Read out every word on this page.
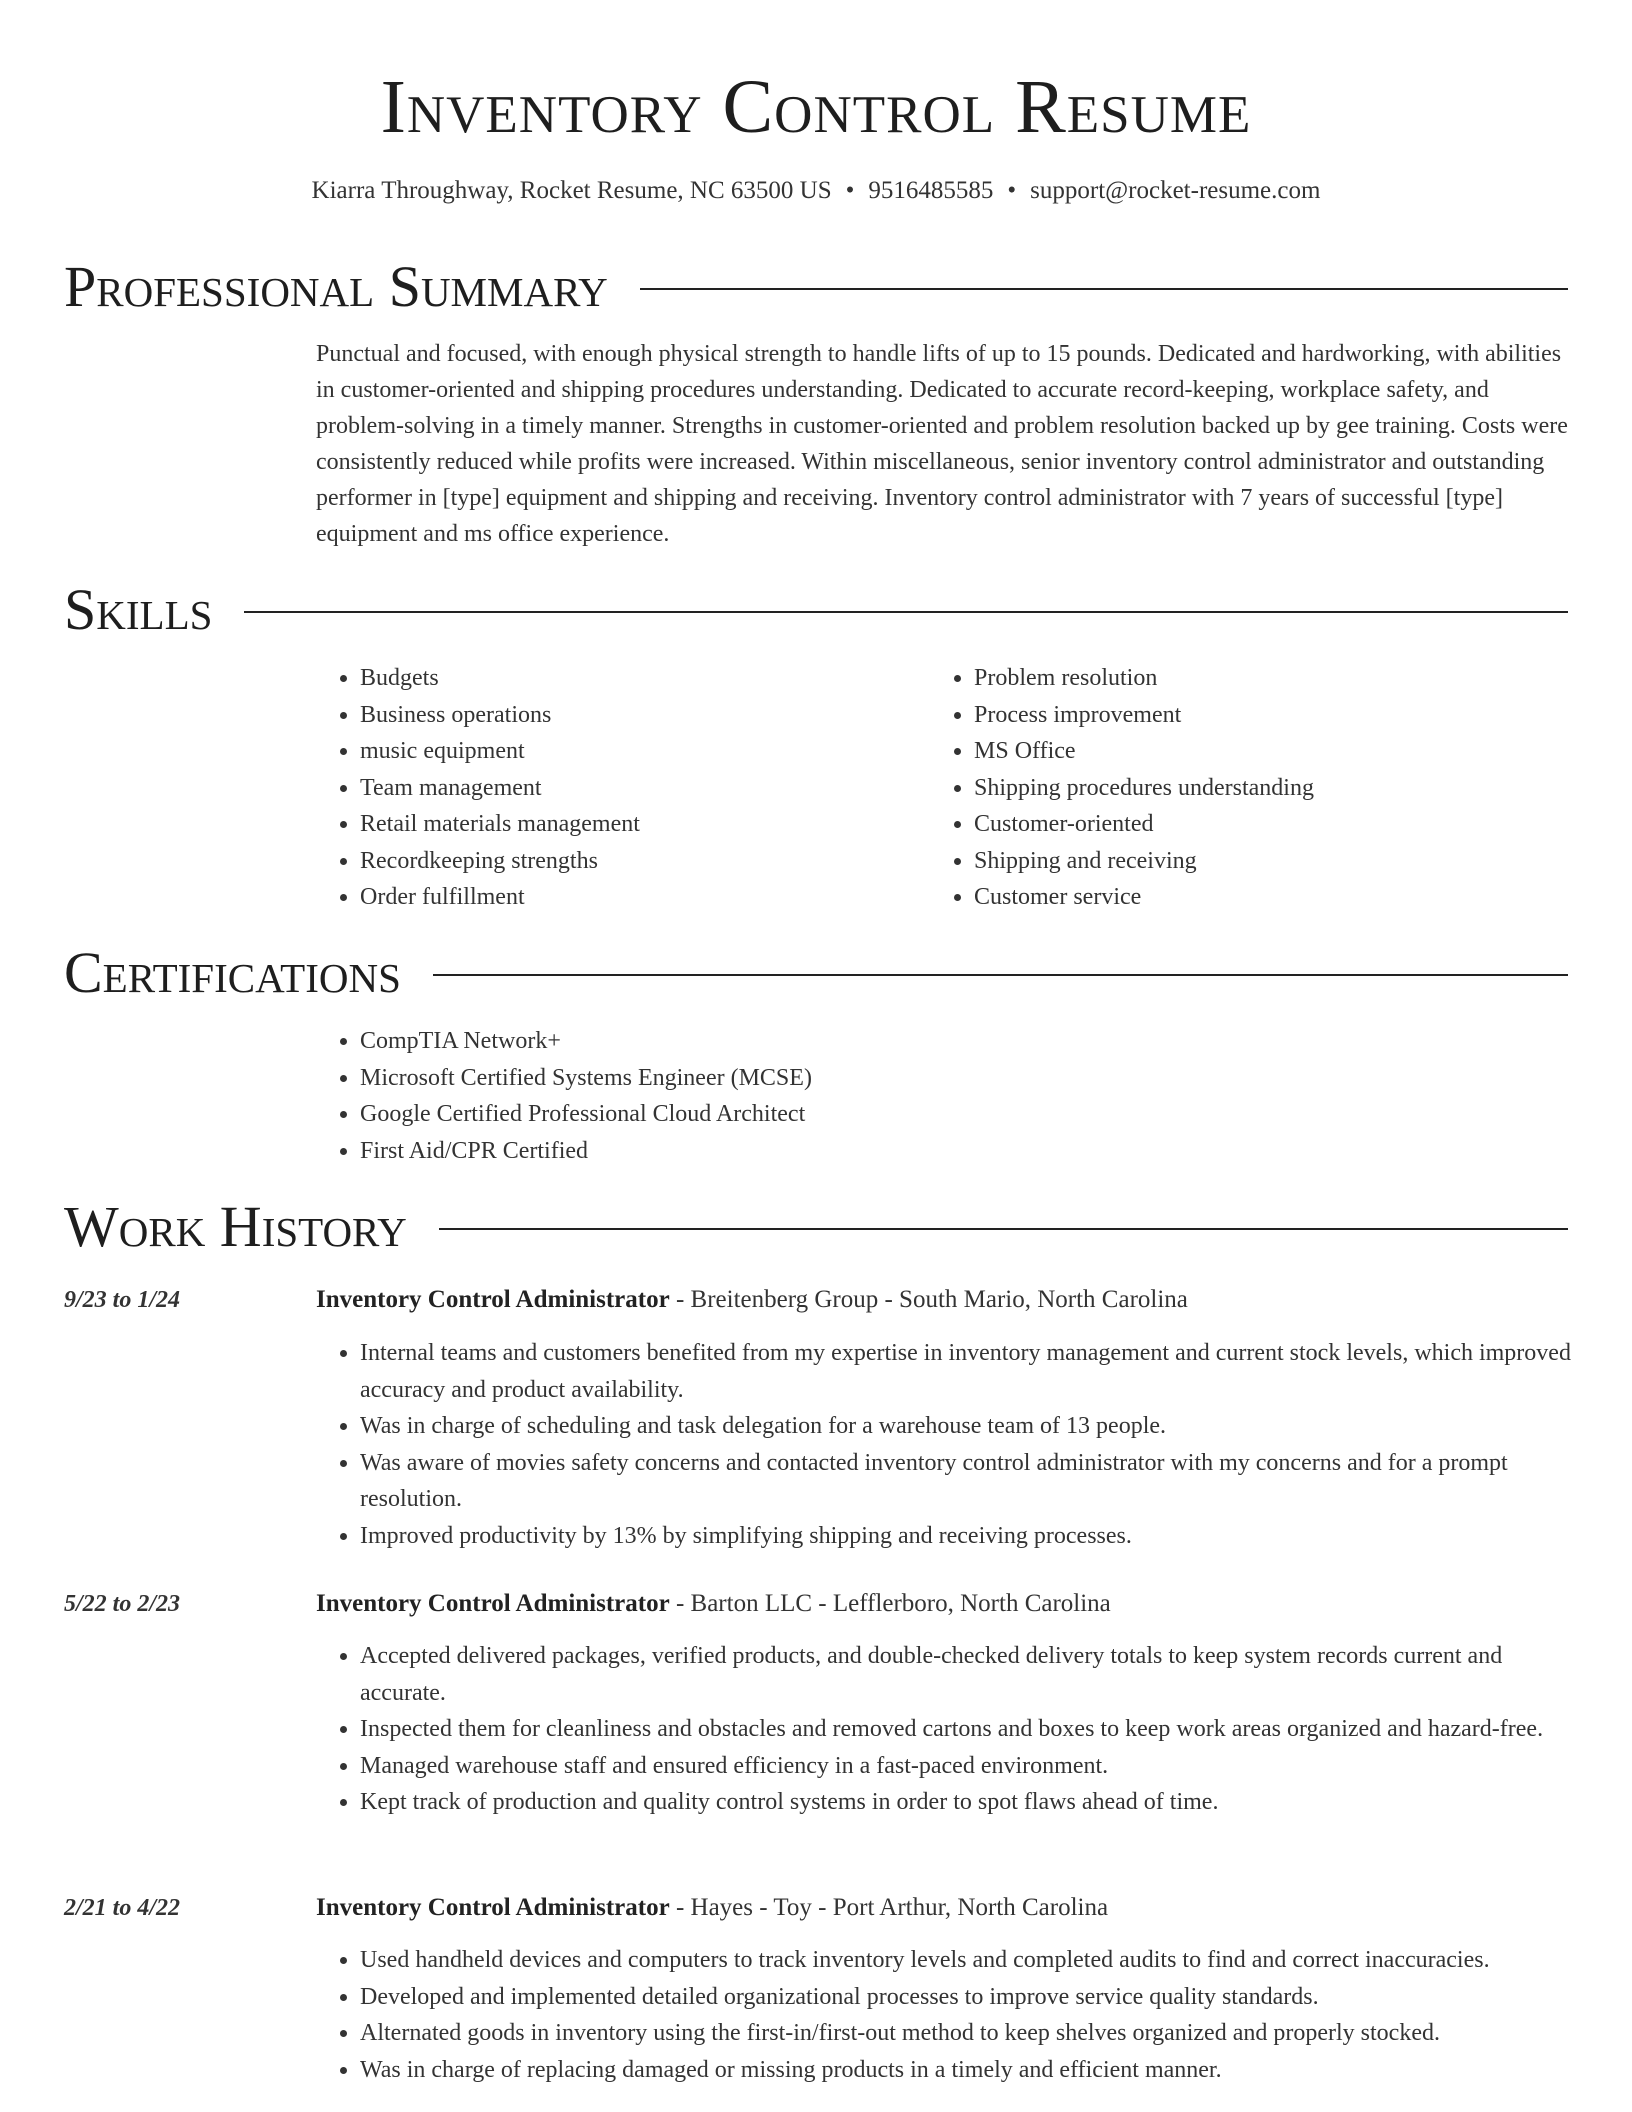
Inventory Control Resume
Kiarra Throughway, Rocket Resume, NC 63500 US • 9516485585 • support@rocket-resume.com
Professional Summary

Punctual and focused, with enough physical strength to handle lifts of up to 15 pounds. Dedicated and hardworking, with abilities in customer-oriented and shipping procedures understanding. Dedicated to accurate record-keeping, workplace safety, and problem-solving in a timely manner. Strengths in customer-oriented and problem resolution backed up by gee training. Costs were consistently reduced while profits were increased. Within miscellaneous, senior inventory control administrator and outstanding performer in [type] equipment and shipping and receiving. Inventory control administrator with 7 years of successful [type] equipment and ms office experience.

Skills
• Budgets
• Business operations
• music equipment
• Team management
• Retail materials management
• Recordkeeping strengths
• Order fulfillment
• Problem resolution
• Process improvement
• MS Office
• Shipping procedures understanding
• Customer-oriented
• Shipping and receiving
• Customer service
Certifications
• CompTIA Network+
• Microsoft Certified Systems Engineer (MCSE)
• Google Certified Professional Cloud Architect
• First Aid/CPR Certified
Work History
9/23 to 1/24	Inventory Control Administrator - Breitenberg Group - South Mario, North Carolina
• Internal teams and customers benefited from my expertise in inventory management and current stock levels, which improved accuracy and product availability.
• Was in charge of scheduling and task delegation for a warehouse team of 13 people.
• Was aware of movies safety concerns and contacted inventory control administrator with my concerns and for a prompt resolution.
• Improved productivity by 13% by simplifying shipping and receiving processes.
5/22 to 2/23	Inventory Control Administrator - Barton LLC - Lefflerboro, North Carolina
• Accepted delivered packages, verified products, and double-checked delivery totals to keep system records current and accurate.
• Inspected them for cleanliness and obstacles and removed cartons and boxes to keep work areas organized and hazard-free.
• Managed warehouse staff and ensured efficiency in a fast-paced environment.
• Kept track of production and quality control systems in order to spot flaws ahead of time.
2/21 to 4/22	Inventory Control Administrator - Hayes - Toy - Port Arthur, North Carolina
• Used handheld devices and computers to track inventory levels and completed audits to find and correct inaccuracies.
• Developed and implemented detailed organizational processes to improve service quality standards.
• Alternated goods in inventory using the first-in/first-out method to keep shelves organized and properly stocked.
• Was in charge of replacing damaged or missing products in a timely and efficient manner.
